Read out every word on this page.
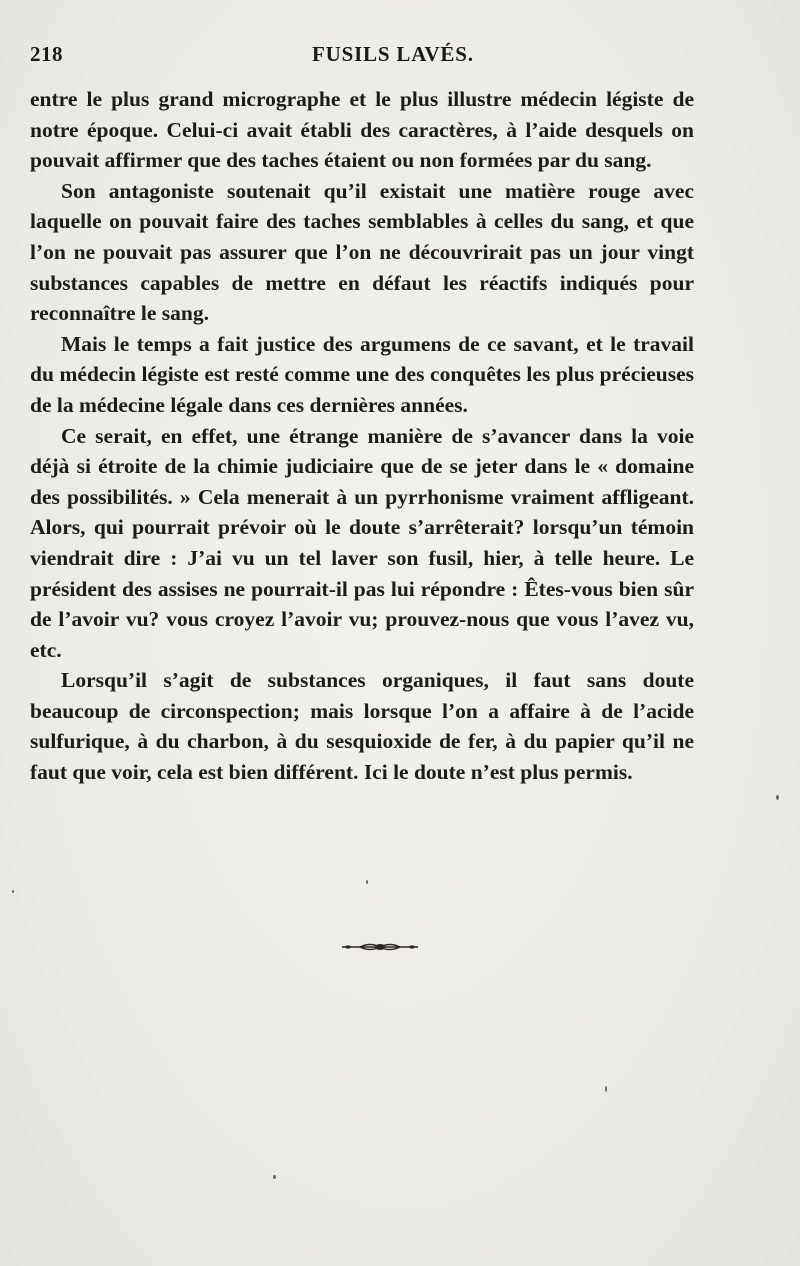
218	FUSILS LAVÉS.

entre le plus grand micrographe et le plus illustre médecin légiste de notre époque. Celui-ci avait établi des caractères, à l’aide desquels on pouvait affirmer que des taches étaient ou non formées par du sang.

Son antagoniste soutenait qu’il existait une matière rouge avec laquelle on pouvait faire des taches semblables à celles du sang, et que l’on ne pouvait pas assurer que l’on ne découvrirait pas un jour vingt substances capables de mettre en défaut les réactifs indiqués pour reconnaître le sang.

Mais le temps a fait justice des argumens de ce savant, et le travail du médecin légiste est resté comme une des conquêtes les plus précieuses de la médecine légale dans ces dernières années.

Ce serait, en effet, une étrange manière de s’avancer dans la voie déjà si étroite de la chimie judiciaire que de se jeter dans le « domaine des possibilités. » Cela menerait à un pyrrhonisme vraiment affligeant. Alors, qui pourrait prévoir où le doute s’arrêterait? lorsqu’un témoin viendrait dire : J’ai vu un tel laver son fusil, hier, à telle heure. Le président des assises ne pourrait-il pas lui répondre : Êtes-vous bien sûr de l’avoir vu? vous croyez l’avoir vu; prouvez-nous que vous l’avez vu, etc.

Lorsqu’il s’agit de substances organiques, il faut sans doute beaucoup de circonspection; mais lorsque l’on a affaire à de l’acide sulfurique, à du charbon, à du sesquioxide de fer, à du papier qu’il ne faut que voir, cela est bien différent. Ici le doute n’est plus permis.
